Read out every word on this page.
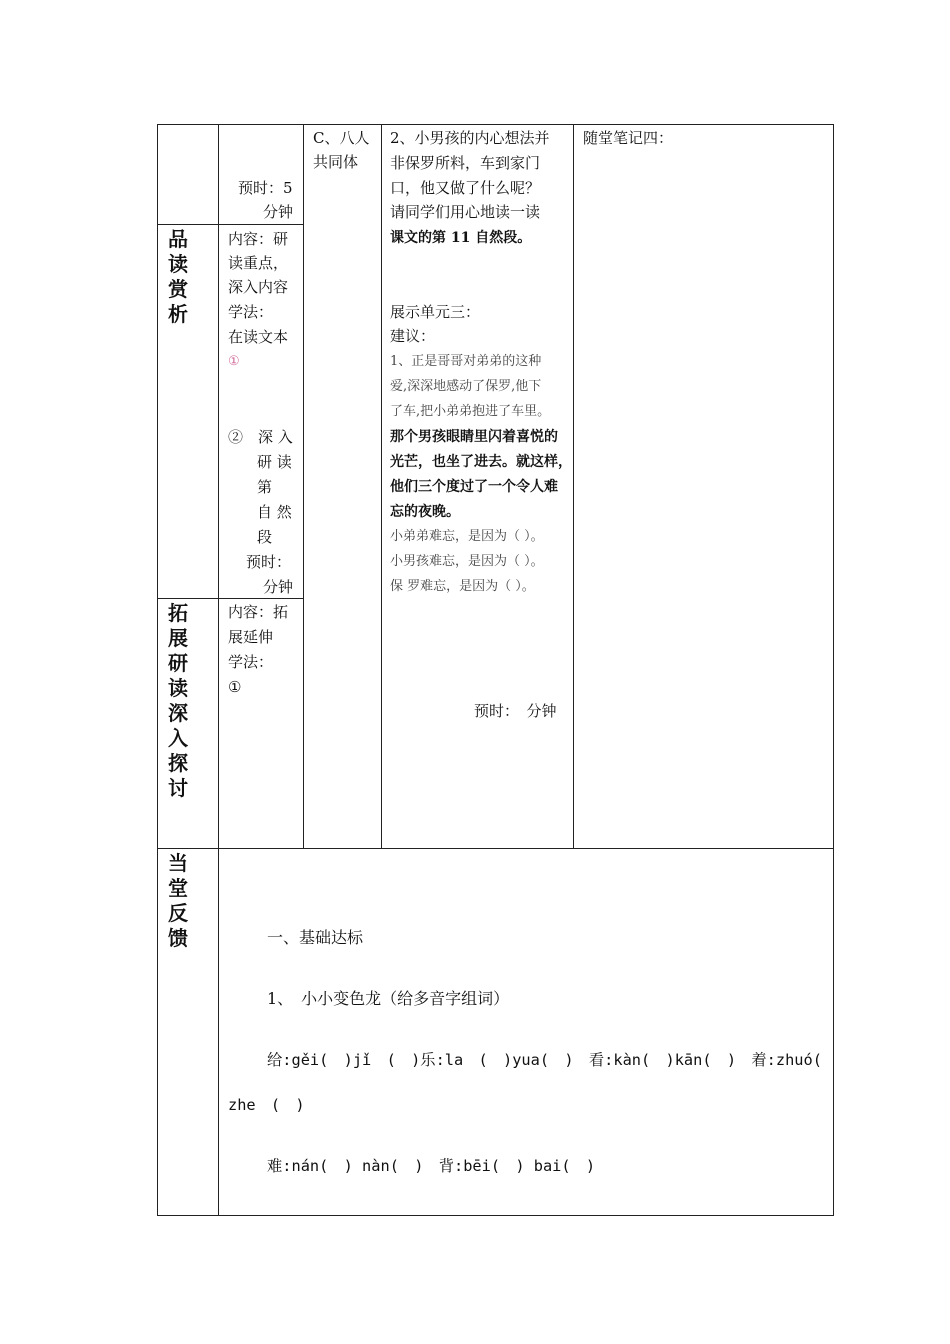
品
读
赏
析
拓
展
研
读
深
入
探
讨
当
堂
反
馈
预时：5
分钟
内容：研
读重点，
深入内容
学法：
在读文本
①
②　深 入
研 读
第
自 然
段
预时：
分钟
内容：拓
展延伸
学法：
①
C、八人
共同体
2、小男孩的内心想法并
非保罗所料，车到家门
口，他又做了什么呢？
请同学们用心地读一读
课文的第 11 自然段。
展示单元三：
建议：
1、正是哥哥对弟弟的这种
爱,深深地感动了保罗,他下
了车,把小弟弟抱进了车里。
那个男孩眼睛里闪着喜悦的
光芒，也坐了进去。就这样，
他们三个度过了一个令人难
忘的夜晚。
小弟弟难忘，是因为（ ）。
小男孩难忘，是因为（ ）。
保 罗难忘，是因为（ ）。
预时：　分钟
随堂笔记四：
一、基础达标
1、　小小变色龙（给多音字组词）
给:gěi(　)jǐ　(　)乐:la　(　)yua(　)　看:kàn(　)kān(　)　着:zhuó(
zhe　(　)
难:nán(　) nàn(　)　背:bēi(　) bai(　)
